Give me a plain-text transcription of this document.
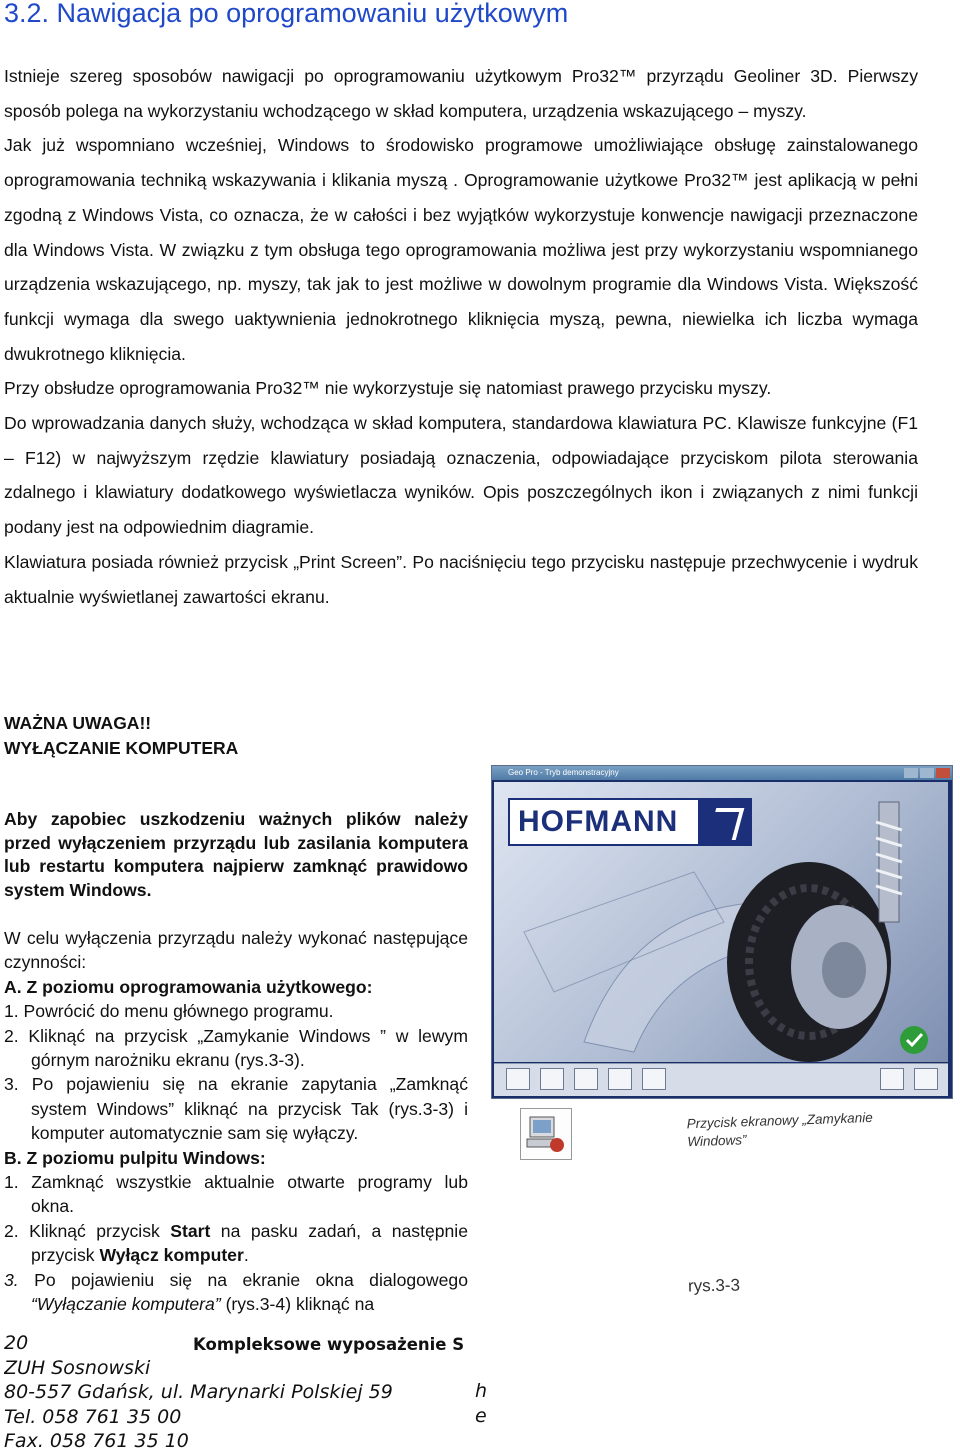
3.2. Nawigacja po oprogramowaniu użytkowym

Istnieje szereg sposobów nawigacji po oprogramowaniu użytkowym Pro32™ przyrządu Geoliner 3D. Pierwszy sposób polega na wykorzystaniu wchodzącego w skład komputera, urządzenia wskazującego – myszy.

Jak już wspomniano wcześniej, Windows to środowisko programowe umożliwiające obsługę zainstalowanego oprogramowania techniką wskazywania i klikania myszą . Oprogramowanie użytkowe Pro32™ jest aplikacją w pełni zgodną z Windows Vista, co oznacza, że w całości i bez wyjątków wykorzystuje konwencje nawigacji przeznaczone dla Windows Vista. W związku z tym obsługa tego oprogramowania możliwa jest przy wykorzystaniu wspomnianego urządzenia wskazującego, np. myszy, tak jak to jest możliwe w dowolnym programie dla Windows Vista. Większość funkcji wymaga dla swego uaktywnienia jednokrotnego kliknięcia myszą, pewna, niewielka ich liczba wymaga dwukrotnego kliknięcia.

Przy obsłudze oprogramowania Pro32™ nie wykorzystuje się natomiast prawego przycisku myszy.

Do wprowadzania danych służy, wchodząca w skład komputera, standardowa klawiatura PC. Klawisze funkcyjne (F1 – F12) w najwyższym rzędzie klawiatury posiadają oznaczenia, odpowiadające przyciskom pilota sterowania zdalnego i klawiatury dodatkowego wyświetlacza wyników. Opis poszczególnych ikon i związanych z nimi funkcji podany jest na odpowiednim diagramie.

Klawiatura posiada również przycisk „Print Screen”. Po naciśnięciu tego przycisku następuje przechwycenie i wydruk aktualnie wyświetlanej zawartości ekranu.

WAŻNA UWAGA!!
WYŁĄCZANIE KOMPUTERA
Aby zapobiec uszkodzeniu ważnych plików należy przed wyłączeniem przyrządu lub zasilania komputera lub restartu komputera najpierw zamknąć prawidowo system Windows.

W celu wyłączenia przyrządu należy wykonać następujące czynności:

A. Z poziomu oprogramowania użytkowego:

1. Powrócić do menu głównego programu.

2. Kliknąć na przycisk „Zamykanie Windows ” w lewym górnym narożniku ekranu (rys.3-3).

3. Po pojawieniu się na ekranie zapytania „Zamknąć system Windows” kliknąć na przycisk Tak (rys.3-3) i komputer automatycznie sam się wyłączy.

B. Z poziomu pulpitu Windows:

1. Zamknąć wszystkie aktualnie otwarte programy lub okna.

2. Kliknąć przycisk Start na pasku zadań, a następnie przycisk Wyłącz komputer.

3. Po pojawieniu się na ekranie okna dialogowego “Wyłączanie komputera” (rys.3-4) kliknąć na

Geo Pro - Tryb demonstracyjny
HOFMANN
Przycisk ekranowy „Zamykanie Windows”
rys.3-3
Kompleksowe wyposażenie S

20

ZUH Sosnowski

80-557 Gdańsk, ul. Marynarki Polskiej 59

Tel. 058 761 35 00

Fax. 058 761 35 10

h
e
